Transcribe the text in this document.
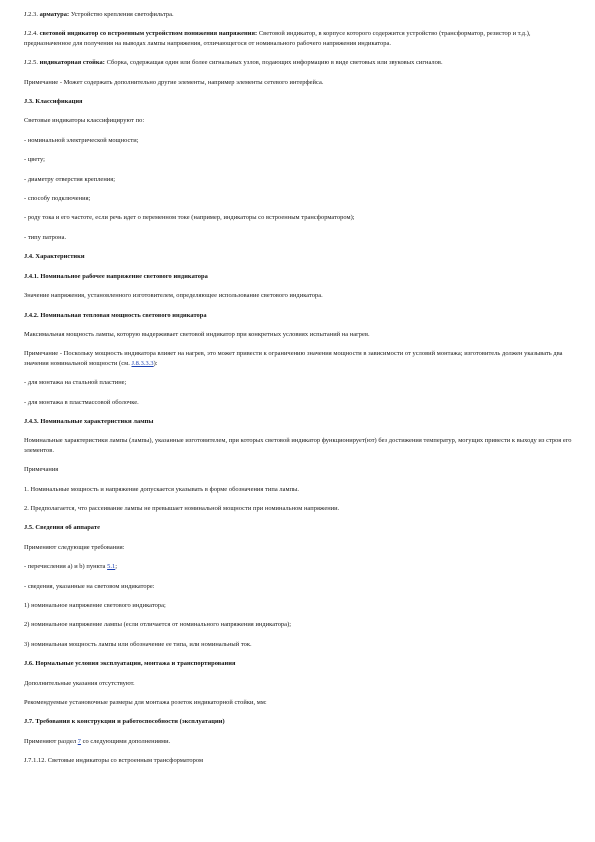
J.2.3. арматура: Устройство крепления светофильтра.
J.2.4. световой индикатор со встроенным устройством понижения напряжения: Световой индикатор, в корпусе которого содержится устройство (трансформатор, резистор и т.д.), предназначенное для получения на выводах лампы напряжения, отличающегося от номинального рабочего напряжения индикатора.
J.2.5. индикаторная стойка: Сборка, содержащая один или более сигнальных узлов, подающих информацию в виде световых или звуковых сигналов.
Примечание - Может содержать дополнительно другие элементы, например элементы сетевого интерфейса.
J.3. Классификация
Световые индикаторы классифицируют по:
- номинальной электрической мощности;
- цвету;
- диаметру отверстия крепления;
- способу подключения;
- роду тока и его частоте, если речь идет о переменном токе (например, индикаторы со встроенным трансформатором);
- типу патрона.
J.4. Характеристики
J.4.1. Номинальное рабочее напряжение светового индикатора
Значение напряжения, установленного изготовителем, определяющее использование светового индикатора.
J.4.2. Номинальная тепловая мощность светового индикатора
Максимальная мощность лампы, которую выдерживает световой индикатор при конкретных условиях испытаний на нагрев.
Примечание - Поскольку мощность индикатора влияет на нагрев, это может привести к ограничению значения мощности в зависимости от условий монтажа; изготовитель должен указывать два значения номинальной мощности (см. J.8.3.3.3):
- для монтажа на стальной пластине;
- для монтажа в пластмассовой оболочке.
J.4.3. Номинальные характеристики лампы
Номинальные характеристики лампы (лампы), указанные изготовителем, при которых световой индикатор функционирует(ют) без достижения температур, могущих привести к выходу из строя его элементов.
Примечания
1. Номинальные мощность и напряжение допускается указывать в форме обозначения типа лампы.
2. Предполагается, что рассеивание лампы не превышает номинальной мощности при номинальном напряжении.
J.5. Сведения об аппарате
Применяют следующие требования:
- перечисления а) и b) пункта 5.1;
- сведения, указанные на световом индикаторе:
1) номинальное напряжение светового индикатора;
2) номинальное напряжение лампы (если отличается от номинального напряжения индикатора);
3) номинальная мощность лампы или обозначение ее типа, или номинальный ток.
J.6. Нормальные условия эксплуатации, монтажа и транспортирования
Дополнительные указания отсутствуют.
Рекомендуемые установочные размеры для монтажа розеток индикаторной стойки, мм:
J.7. Требования к конструкции и работоспособности (эксплуатации)
Применяют раздел 7 со следующими дополнениями.
J.7.1.12. Световые индикаторы со встроенным трансформатором
